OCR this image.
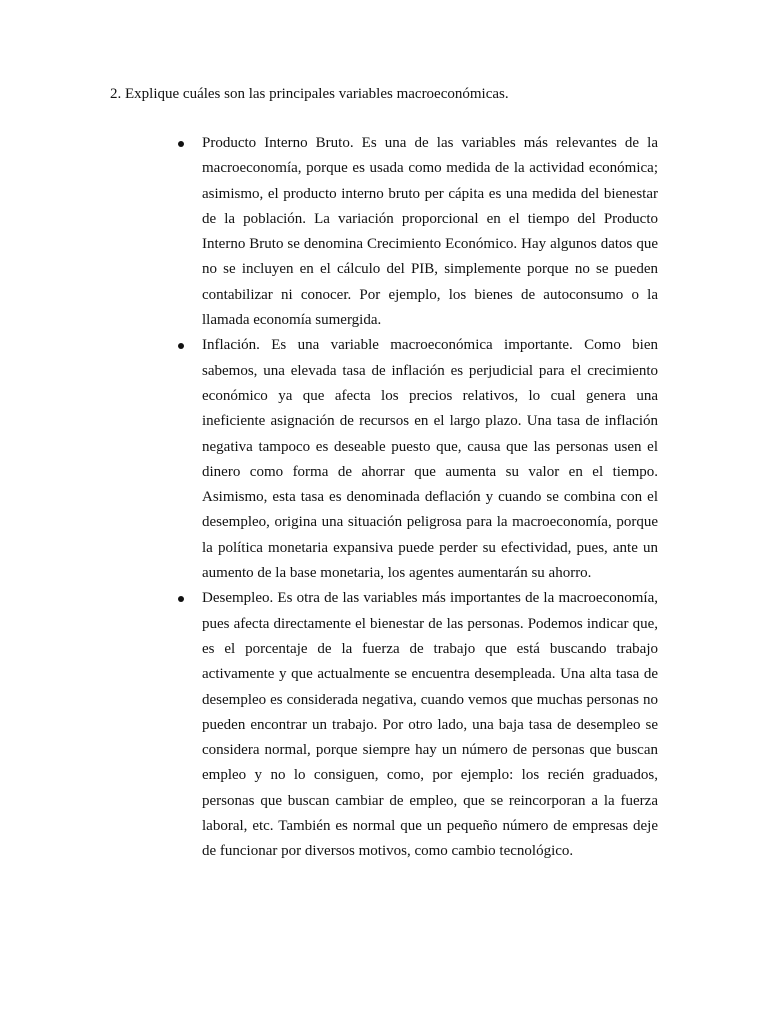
2. Explique cuáles son las principales variables macroeconómicas.

Producto Interno Bruto. Es una de las variables más relevantes de la macroeconomía, porque es usada como medida de la actividad económica; asimismo, el producto interno bruto per cápita es una medida del bienestar de la población. La variación proporcional en el tiempo del Producto Interno Bruto se denomina Crecimiento Económico. Hay algunos datos que no se incluyen en el cálculo del PIB, simplemente porque no se pueden contabilizar ni conocer. Por ejemplo, los bienes de autoconsumo o la llamada economía sumergida.

Inflación. Es una variable macroeconómica importante. Como bien sabemos, una elevada tasa de inflación es perjudicial para el crecimiento económico ya que afecta los precios relativos, lo cual genera una ineficiente asignación de recursos en el largo plazo. Una tasa de inflación negativa tampoco es deseable puesto que, causa que las personas usen el dinero como forma de ahorrar que aumenta su valor en el tiempo. Asimismo, esta tasa es denominada deflación y cuando se combina con el desempleo, origina una situación peligrosa para la macroeconomía, porque la política monetaria expansiva puede perder su efectividad, pues, ante un aumento de la base monetaria, los agentes aumentarán su ahorro.

Desempleo. Es otra de las variables más importantes de la macroeconomía, pues afecta directamente el bienestar de las personas. Podemos indicar que, es el porcentaje de la fuerza de trabajo que está buscando trabajo activamente y que actualmente se encuentra desempleada. Una alta tasa de desempleo es considerada negativa, cuando vemos que muchas personas no pueden encontrar un trabajo. Por otro lado, una baja tasa de desempleo se considera normal, porque siempre hay un número de personas que buscan empleo y no lo consiguen, como, por ejemplo: los recién graduados, personas que buscan cambiar de empleo, que se reincorporan a la fuerza laboral, etc. También es normal que un pequeño número de empresas deje de funcionar por diversos motivos, como cambio tecnológico.
